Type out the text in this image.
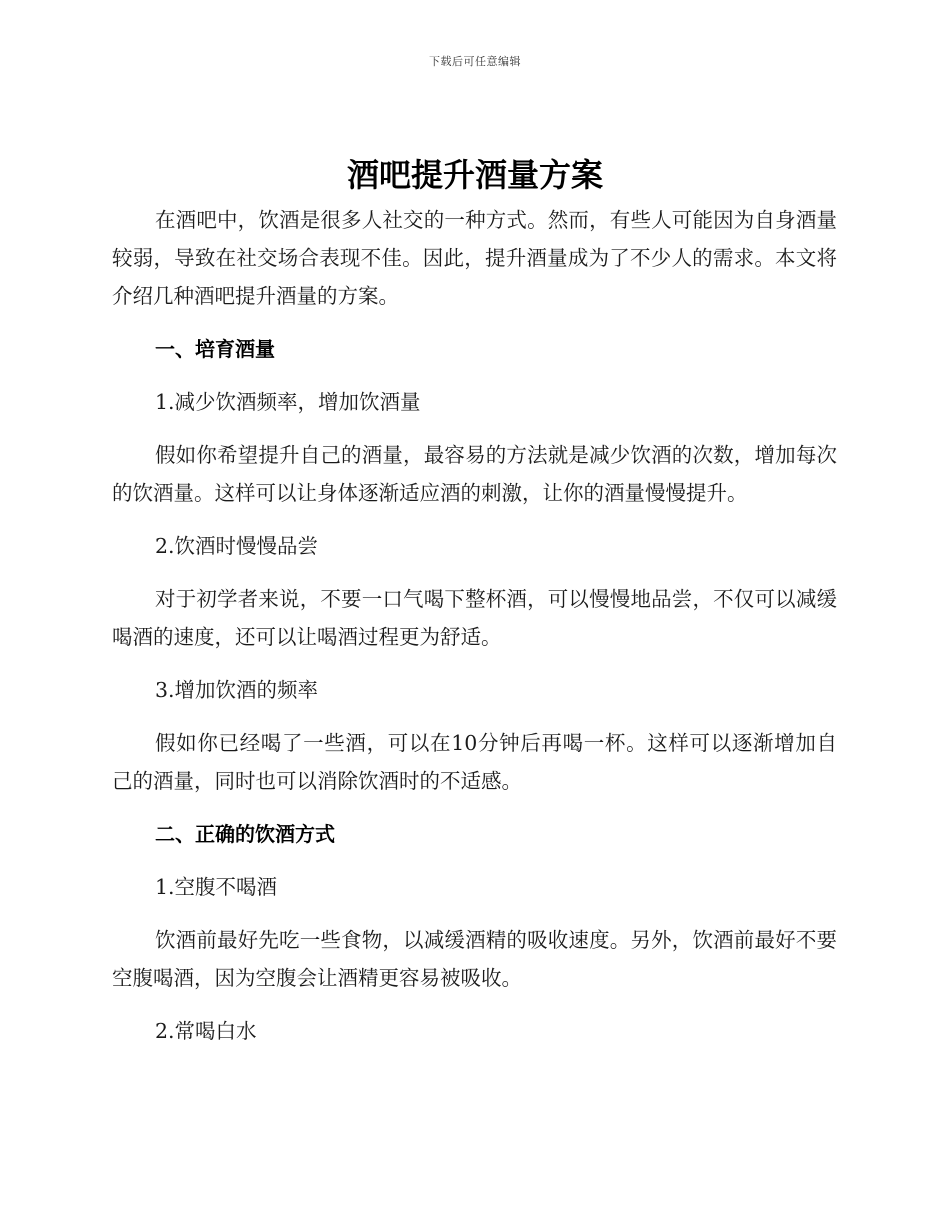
下载后可任意编辑
酒吧提升酒量方案

在酒吧中，饮酒是很多人社交的一种方式。然而，有些人可能因为自身酒量较弱，导致在社交场合表现不佳。因此，提升酒量成为了不少人的需求。本文将介绍几种酒吧提升酒量的方案。

一、培育酒量
1.减少饮酒频率，增加饮酒量

假如你希望提升自己的酒量，最容易的方法就是减少饮酒的次数，增加每次的饮酒量。这样可以让身体逐渐适应酒的刺激，让你的酒量慢慢提升。

2.饮酒时慢慢品尝

对于初学者来说，不要一口气喝下整杯酒，可以慢慢地品尝，不仅可以减缓喝酒的速度，还可以让喝酒过程更为舒适。

3.增加饮酒的频率

假如你已经喝了一些酒，可以在10分钟后再喝一杯。这样可以逐渐增加自己的酒量，同时也可以消除饮酒时的不适感。

二、正确的饮酒方式
1.空腹不喝酒

饮酒前最好先吃一些食物，以减缓酒精的吸收速度。另外，饮酒前最好不要空腹喝酒，因为空腹会让酒精更容易被吸收。

2.常喝白水
